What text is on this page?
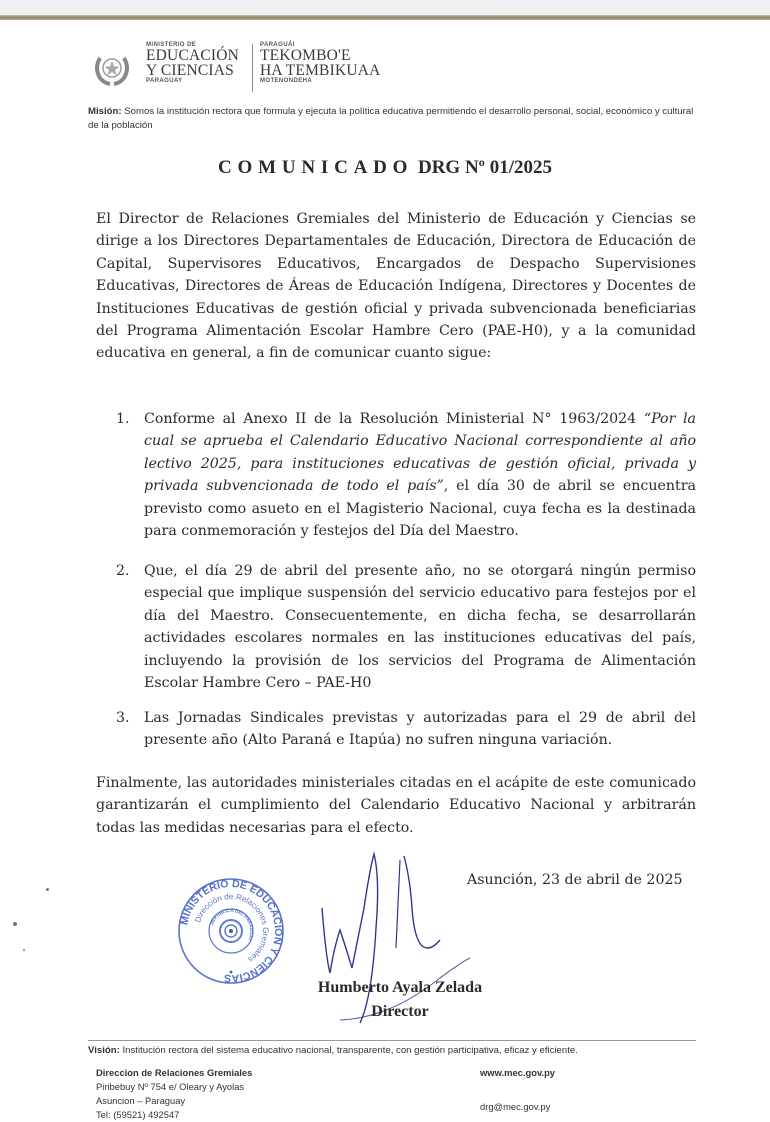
MINISTERIO DE
EDUCACIÓN
Y CIENCIAS
PARAGUAY
PARAGUÁI
TEKOMBO'E
HA TEMBIKUAA
MOTENONDEHA
Misión: Somos la institución rectora que formula y ejecuta la política educativa permitiendo el desarrollo personal, social, económico y cultural de la población
COMUNICADO DRG Nº 01/2025
El Director de Relaciones Gremiales del Ministerio de Educación y Ciencias se dirige a los Directores Departamentales de Educación, Directora de Educación de Capital, Supervisores Educativos, Encargados de Despacho Supervisiones Educativas, Directores de Áreas de Educación Indígena, Directores y Docentes de Instituciones Educativas de gestión oficial y privada subvencionada beneficiarias del Programa Alimentación Escolar Hambre Cero (PAE-H0), y a la comunidad educativa en general, a fin de comunicar cuanto sigue:
1. Conforme al Anexo II de la Resolución Ministerial N° 1963/2024 “Por la cual se aprueba el Calendario Educativo Nacional correspondiente al año lectivo 2025, para instituciones educativas de gestión oficial, privada y privada subvencionada de todo el país”, el día 30 de abril se encuentra previsto como asueto en el Magisterio Nacional, cuya fecha es la destinada para conmemoración y festejos del Día del Maestro.
2. Que, el día 29 de abril del presente año, no se otorgará ningún permiso especial que implique suspensión del servicio educativo para festejos por el día del Maestro. Consecuentemente, en dicha fecha, se desarrollarán actividades escolares normales en las instituciones educativas del país, incluyendo la provisión de los servicios del Programa de Alimentación Escolar Hambre Cero – PAE-H0
3. Las Jornadas Sindicales previstas y autorizadas para el 29 de abril del presente año (Alto Paraná e Itapúa) no sufren ninguna variación.
Finalmente, las autoridades ministeriales citadas en el acápite de este comunicado garantizarán el cumplimiento del Calendario Educativo Nacional y arbitrarán todas las medidas necesarias para el efecto.
Asunción, 23 de abril de 2025
MINISTERIO DE EDUCACION Y CIENCIAS
Dirección de Relaciones Gremiales
REPUBLICA DEL PARAGUAY
Humberto Ayala Zelada
Director
Visión: Institución rectora del sistema educativo nacional, transparente, con gestión participativa, eficaz y eficiente.
Direccion de Relaciones Gremiales
Piribebuy Nº 754 e/ Oleary y Ayolas
Asuncion – Paraguay
Tel: (59521) 492547
www.mec.gov.py
drg@mec.gov.py
